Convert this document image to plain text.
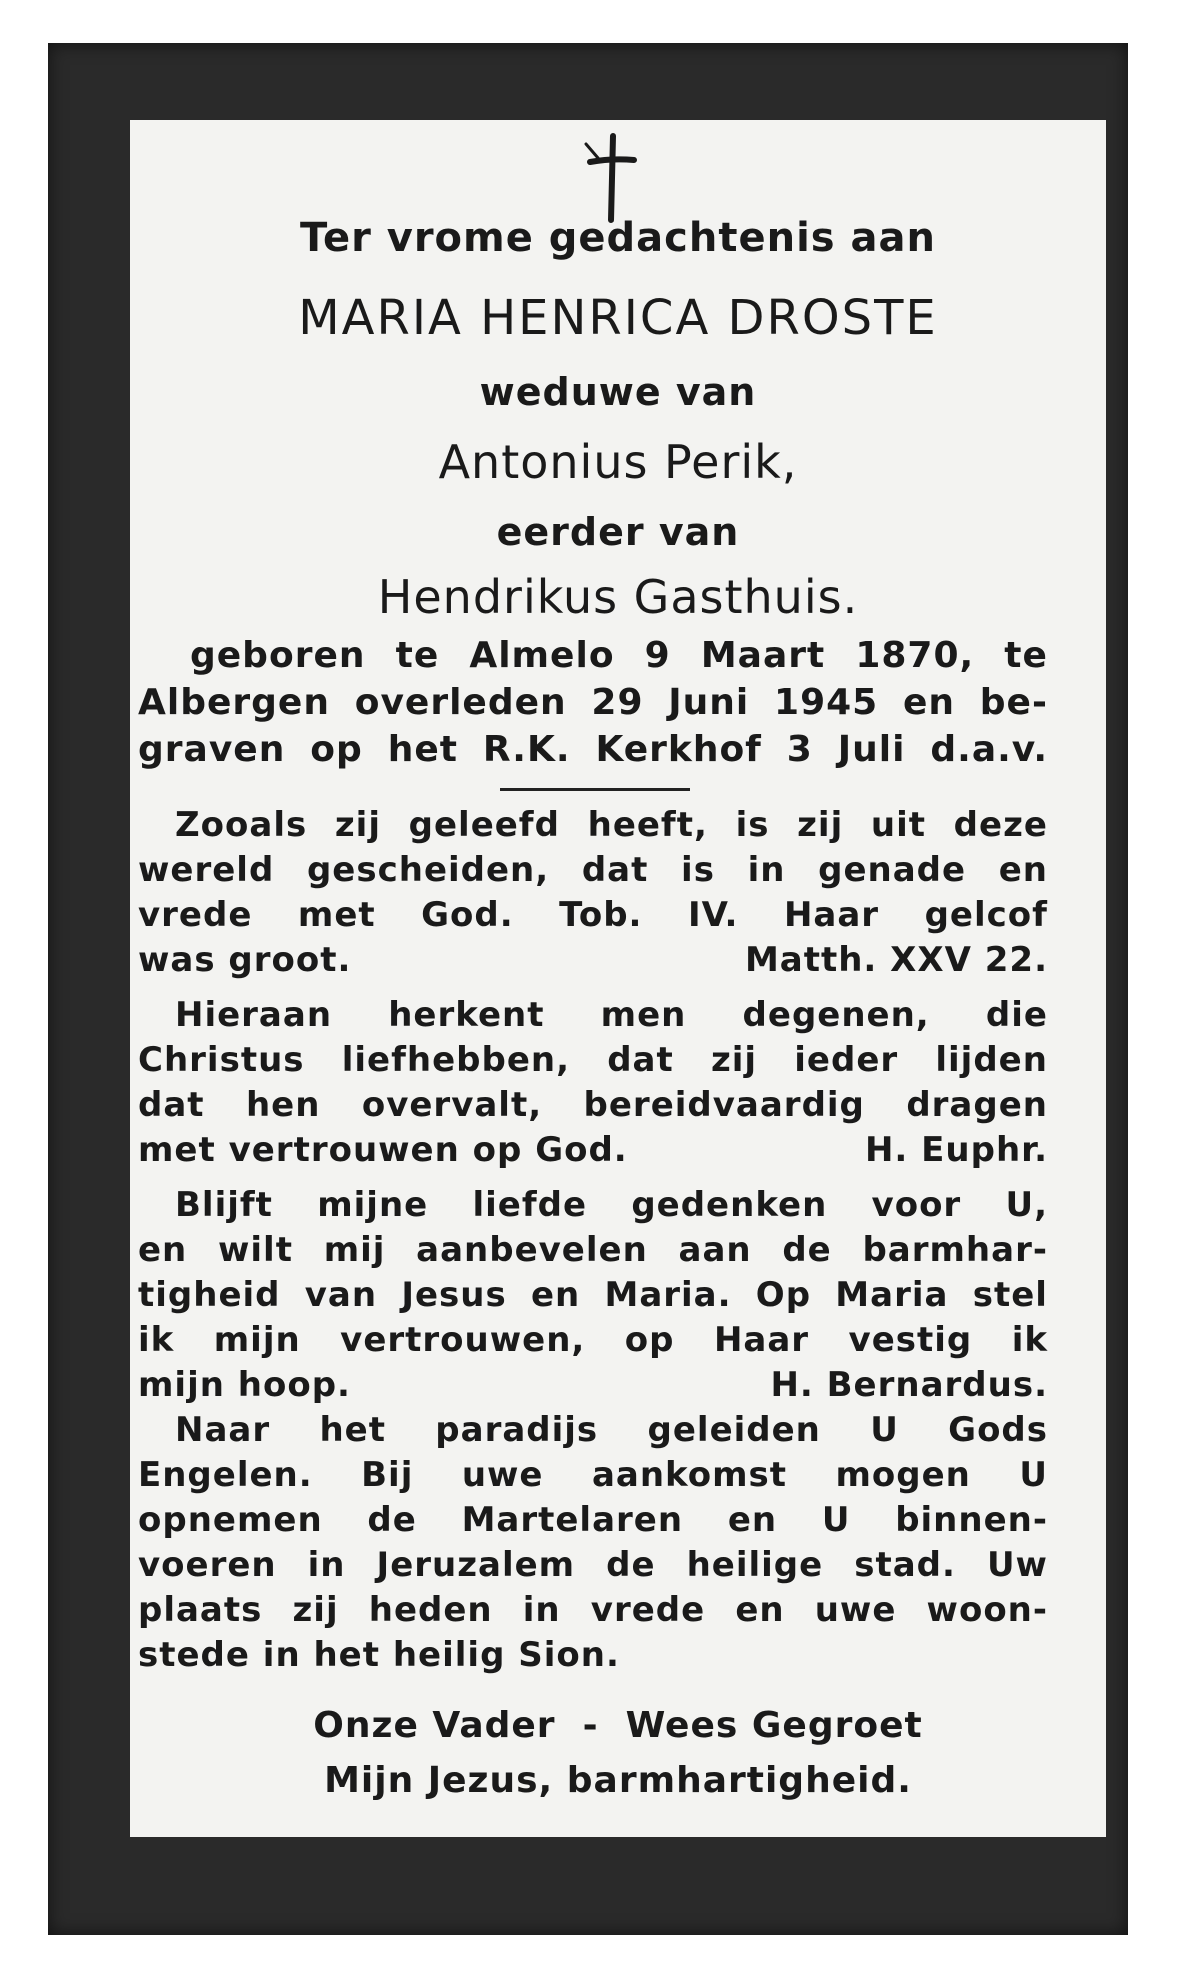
Ter vrome gedachtenis aan
MARIA HENRICA DROSTE
weduwe van
Antonius Perik,
eerder van
Hendrikus Gasthuis.
geboren te Almelo 9 Maart 1870, te
Albergen overleden 29 Juni 1945 en be-
graven op het R.K. Kerkhof 3 Juli d.a.v.
Zooals zij geleefd heeft, is zij uit deze
wereld gescheiden, dat is in genade en
vrede met God. Tob. IV. Haar gelcof
was groot.	Matth. XXV 22.
Hieraan herkent men degenen, die
Christus liefhebben, dat zij ieder lijden
dat hen overvalt, bereidvaardig dragen
met vertrouwen op God.	H. Euphr.
Blijft mijne liefde gedenken voor U,
en wilt mij aanbevelen aan de barmhar-
tigheid van Jesus en Maria. Op Maria stel
ik mijn vertrouwen, op Haar vestig ik
mijn hoop.	H. Bernardus.
Naar het paradijs geleiden U Gods
Engelen. Bij uwe aankomst mogen U
opnemen de Martelaren en U binnen-
voeren in Jeruzalem de heilige stad. Uw
plaats zij heden in vrede en uwe woon-
stede in het heilig Sion.
Onze Vader  -  Wees Gegroet
Mijn Jezus, barmhartigheid.
